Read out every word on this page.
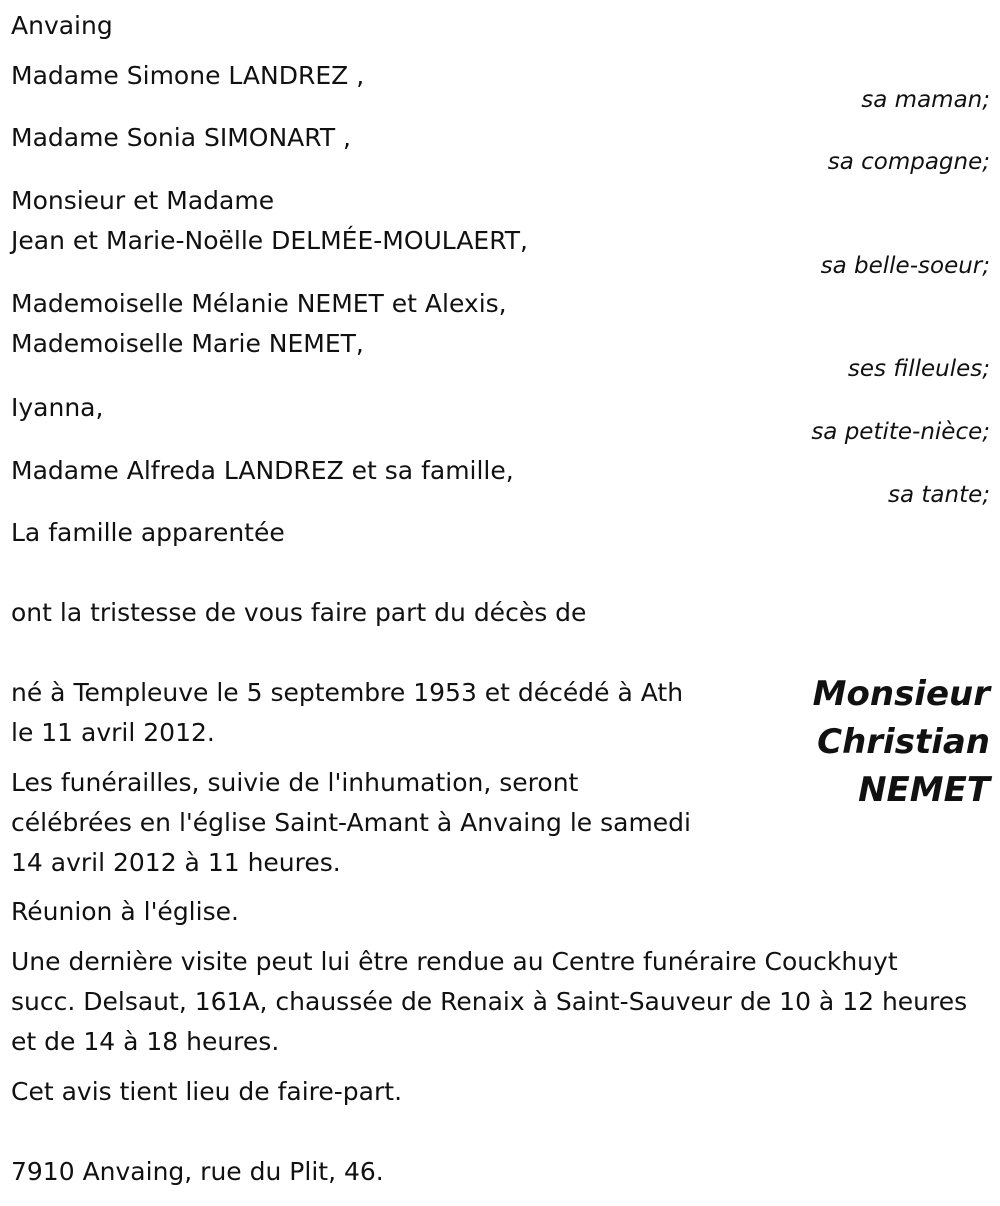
Anvaing
Madame Simone LANDREZ ,
sa maman;
Madame Sonia SIMONART ,
sa compagne;
Monsieur et Madame
Jean et Marie-Noëlle DELMÉE-MOULAERT,
sa belle-soeur;
Mademoiselle Mélanie NEMET et Alexis,
Mademoiselle Marie NEMET,
ses filleules;
Iyanna,
sa petite-nièce;
Madame Alfreda LANDREZ et sa famille,
sa tante;
La famille apparentée
ont la tristesse de vous faire part du décès de
Monsieur
Christian
NEMET
né à Templeuve le 5 septembre 1953 et décédé à Ath
le 11 avril 2012.
Les funérailles, suivie de l'inhumation, seront
célébrées en l'église Saint-Amant à Anvaing le samedi
14 avril 2012 à 11 heures.
Réunion à l'église.
Une dernière visite peut lui être rendue au Centre funéraire Couckhuyt
succ. Delsaut, 161A, chaussée de Renaix à Saint-Sauveur de 10 à 12 heures
et de 14 à 18 heures.
Cet avis tient lieu de faire-part.
7910 Anvaing, rue du Plit, 46.
